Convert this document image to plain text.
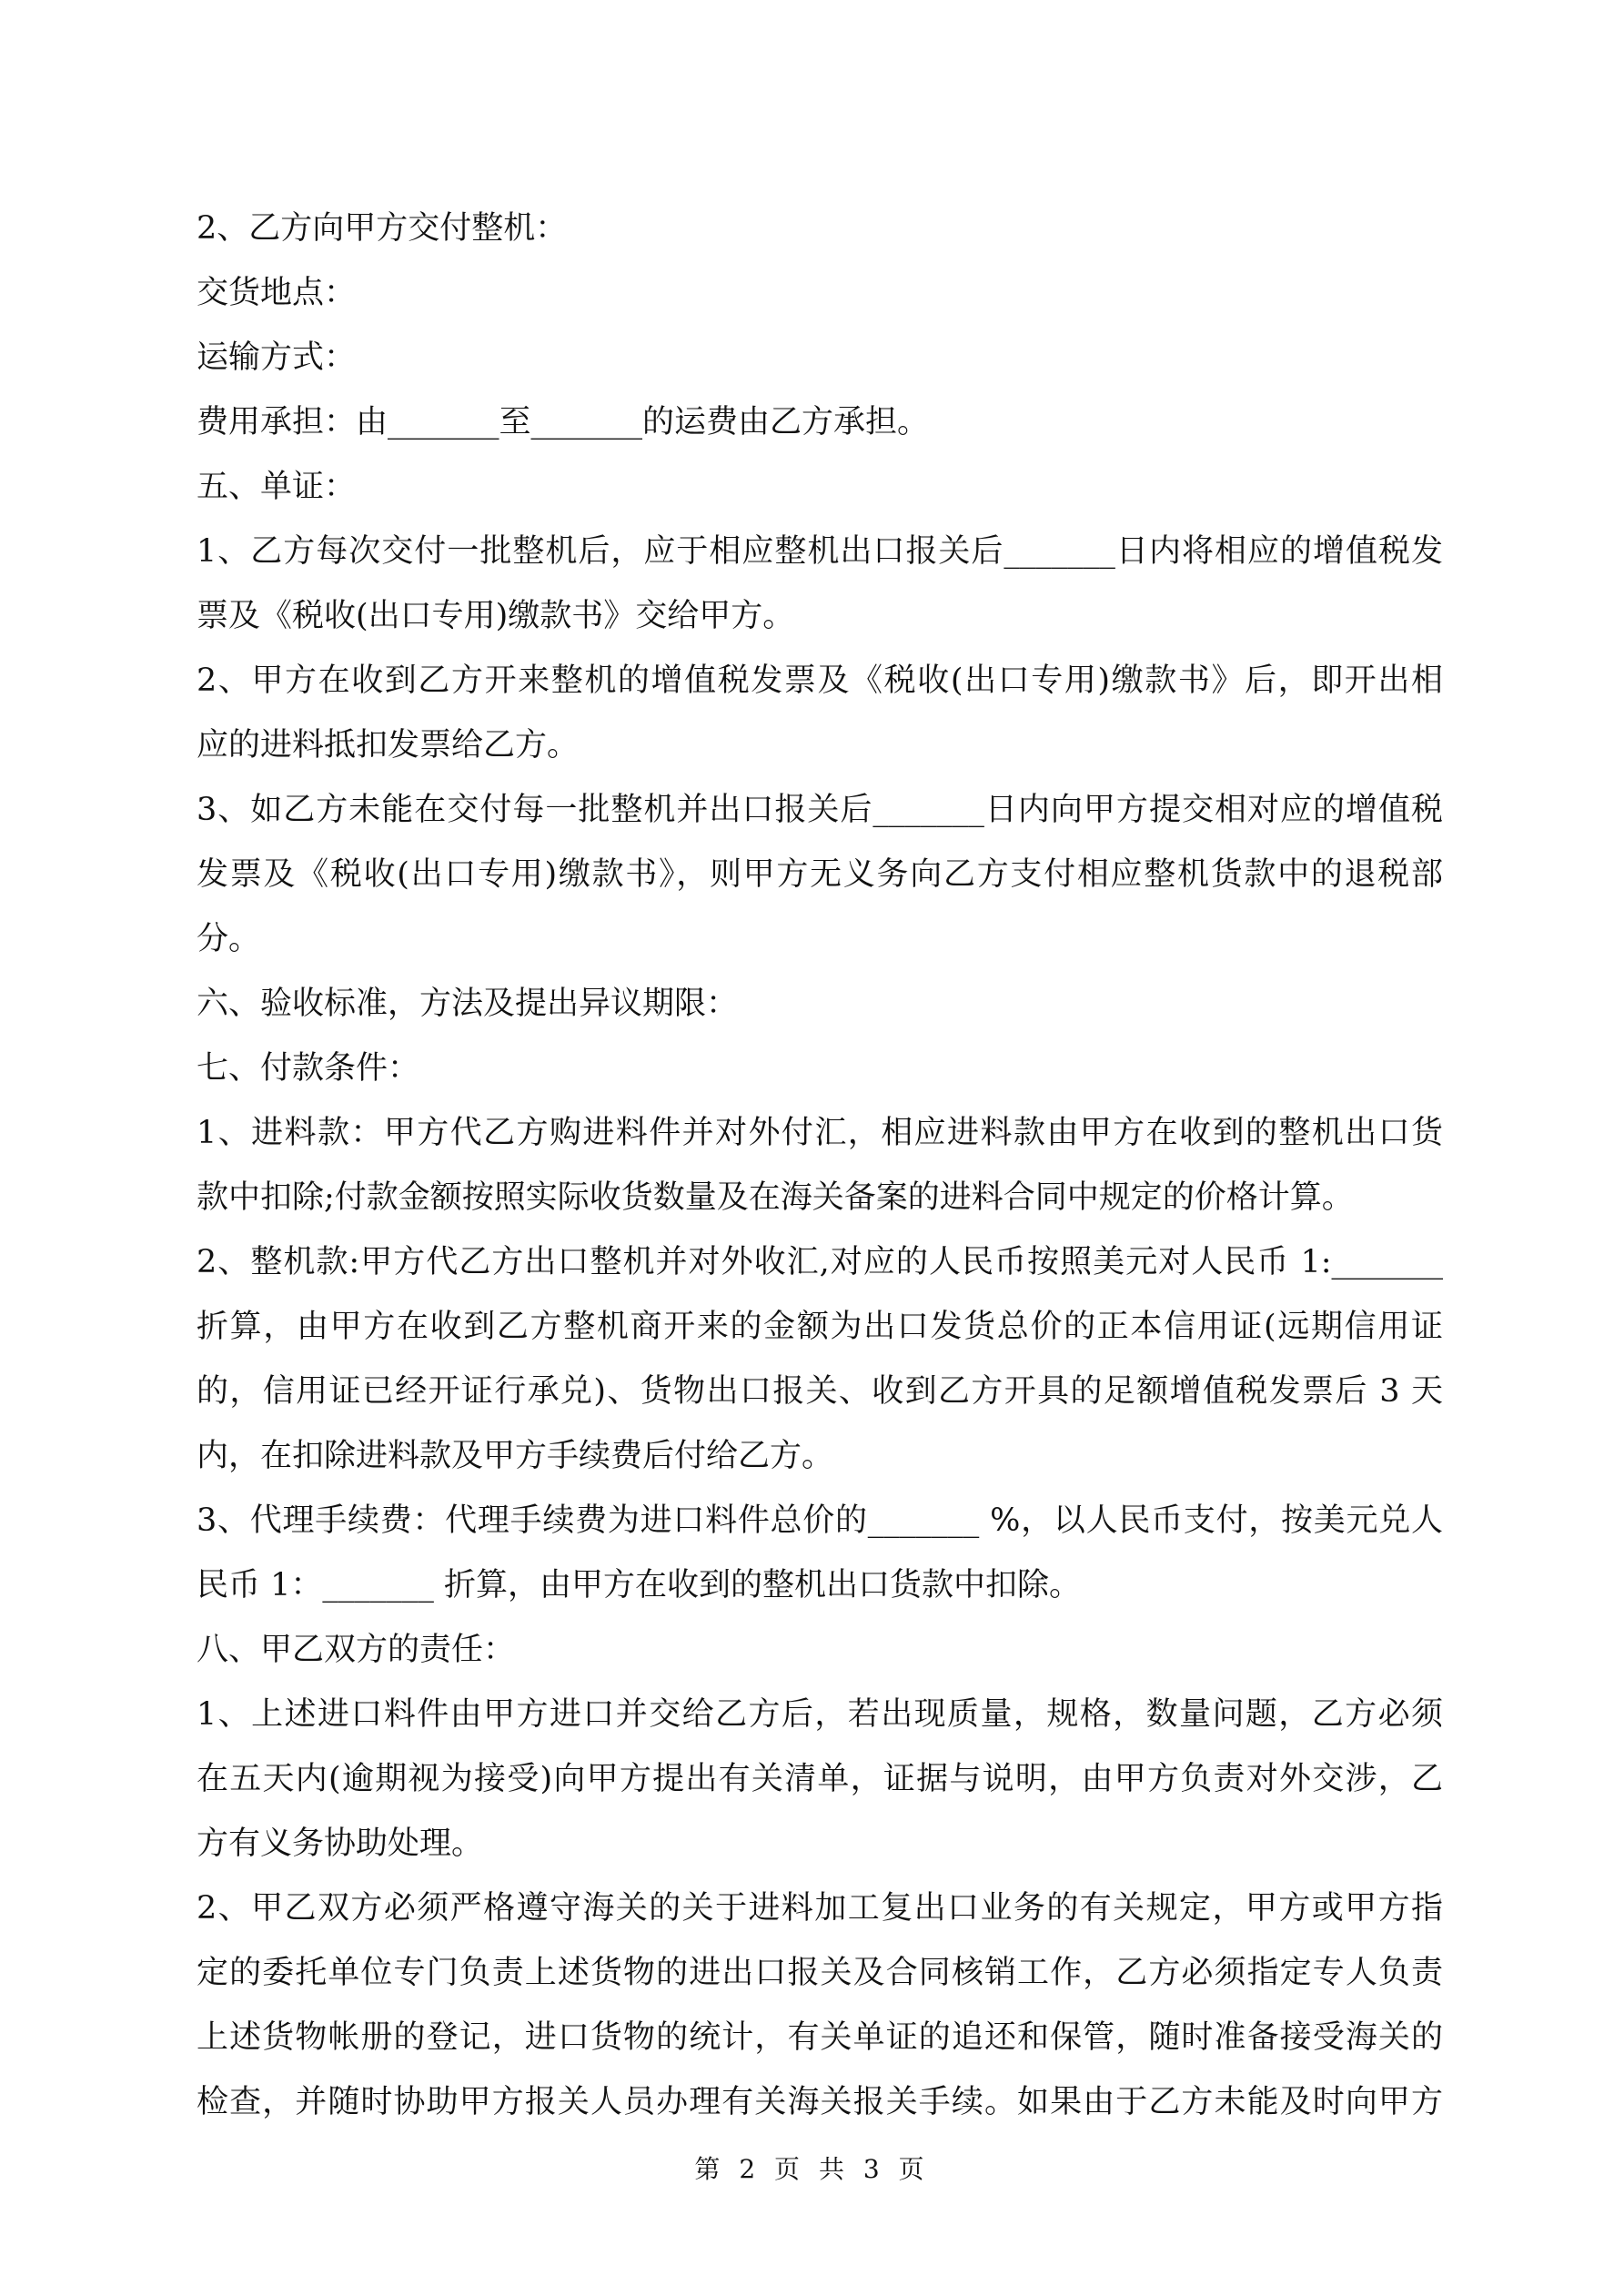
2、乙方向甲方交付整机：
交货地点：
运输方式：
费用承担：由_______至_______的运费由乙方承担。
五、单证：
1、乙方每次交付一批整机后，应于相应整机出口报关后_______日内将相应的增值税发
票及《税收(出口专用)缴款书》交给甲方。
2、甲方在收到乙方开来整机的增值税发票及《税收(出口专用)缴款书》后，即开出相
应的进料抵扣发票给乙方。
3、如乙方未能在交付每一批整机并出口报关后_______日内向甲方提交相对应的增值税
发票及《税收(出口专用)缴款书》，则甲方无义务向乙方支付相应整机货款中的退税部
分。
六、验收标准，方法及提出异议期限：
七、付款条件：
1、进料款：甲方代乙方购进料件并对外付汇，相应进料款由甲方在收到的整机出口货
款中扣除;付款金额按照实际收货数量及在海关备案的进料合同中规定的价格计算。
2、整机款:甲方代乙方出口整机并对外收汇,对应的人民币按照美元对人民币 1:_______
折算，由甲方在收到乙方整机商开来的金额为出口发货总价的正本信用证(远期信用证
的，信用证已经开证行承兑)、货物出口报关、收到乙方开具的足额增值税发票后 3 天
内，在扣除进料款及甲方手续费后付给乙方。
3、代理手续费：代理手续费为进口料件总价的_______ %，以人民币支付，按美元兑人
民币 1：_______ 折算，由甲方在收到的整机出口货款中扣除。
八、甲乙双方的责任：
1、上述进口料件由甲方进口并交给乙方后，若出现质量，规格，数量问题，乙方必须
在五天内(逾期视为接受)向甲方提出有关清单，证据与说明，由甲方负责对外交涉，乙
方有义务协助处理。
2、甲乙双方必须严格遵守海关的关于进料加工复出口业务的有关规定，甲方或甲方指
定的委托单位专门负责上述货物的进出口报关及合同核销工作，乙方必须指定专人负责
上述货物帐册的登记，进口货物的统计，有关单证的追还和保管，随时准备接受海关的
检查，并随时协助甲方报关人员办理有关海关报关手续。如果由于乙方未能及时向甲方
第 2 页 共 3 页
